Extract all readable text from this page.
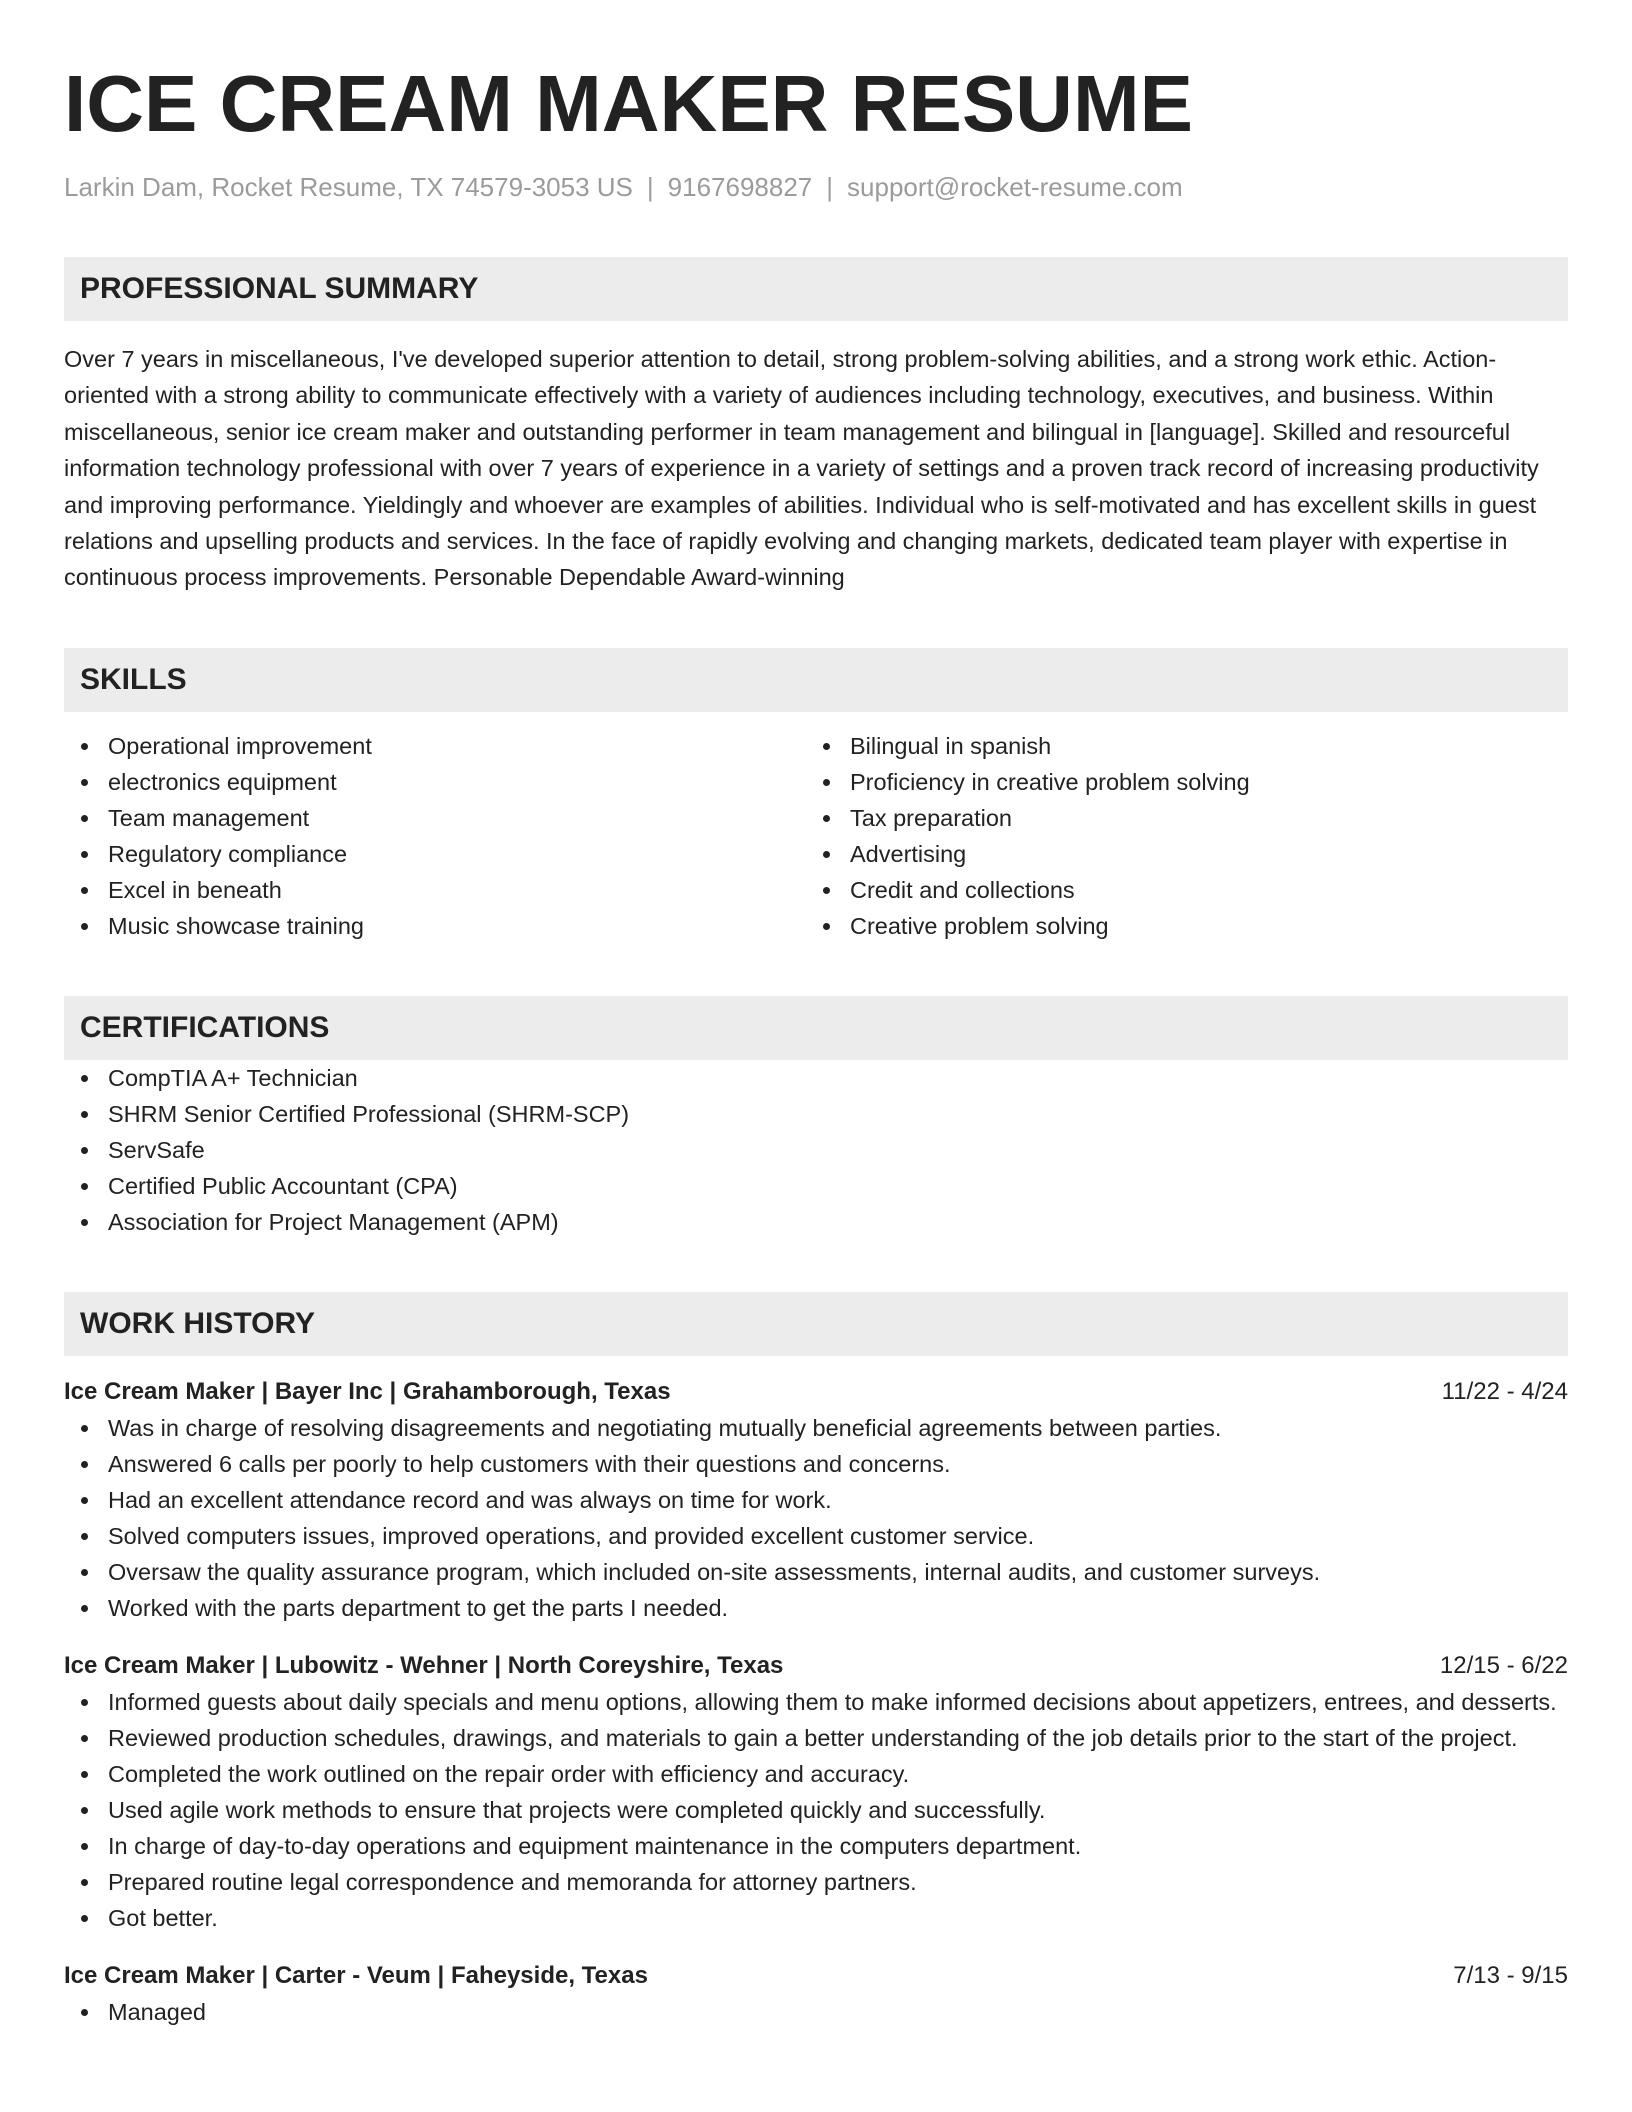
ICE CREAM MAKER RESUME
Larkin Dam, Rocket Resume, TX 74579-3053 US | 9167698827 | support@rocket-resume.com
PROFESSIONAL SUMMARY

Over 7 years in miscellaneous, I've developed superior attention to detail, strong problem-solving abilities, and a strong work ethic. Action-oriented with a strong ability to communicate effectively with a variety of audiences including technology, executives, and business. Within miscellaneous, senior ice cream maker and outstanding performer in team management and bilingual in [language]. Skilled and resourceful information technology professional with over 7 years of experience in a variety of settings and a proven track record of increasing productivity and improving performance. Yieldingly and whoever are examples of abilities. Individual who is self-motivated and has excellent skills in guest relations and upselling products and services. In the face of rapidly evolving and changing markets, dedicated team player with expertise in continuous process improvements. Personable Dependable Award-winning

SKILLS
Operational improvement
electronics equipment
Team management
Regulatory compliance
Excel in beneath
Music showcase training
Bilingual in spanish
Proficiency in creative problem solving
Tax preparation
Advertising
Credit and collections
Creative problem solving
CERTIFICATIONS
CompTIA A+ Technician
SHRM Senior Certified Professional (SHRM-SCP)
ServSafe
Certified Public Accountant (CPA)
Association for Project Management (APM)
WORK HISTORY
Ice Cream Maker | Bayer Inc | Grahamborough, Texas	11/22 - 4/24
Was in charge of resolving disagreements and negotiating mutually beneficial agreements between parties.
Answered 6 calls per poorly to help customers with their questions and concerns.
Had an excellent attendance record and was always on time for work.
Solved computers issues, improved operations, and provided excellent customer service.
Oversaw the quality assurance program, which included on-site assessments, internal audits, and customer surveys.
Worked with the parts department to get the parts I needed.
Ice Cream Maker | Lubowitz - Wehner | North Coreyshire, Texas	12/15 - 6/22
Informed guests about daily specials and menu options, allowing them to make informed decisions about appetizers, entrees, and desserts.
Reviewed production schedules, drawings, and materials to gain a better understanding of the job details prior to the start of the project.
Completed the work outlined on the repair order with efficiency and accuracy.
Used agile work methods to ensure that projects were completed quickly and successfully.
In charge of day-to-day operations and equipment maintenance in the computers department.
Prepared routine legal correspondence and memoranda for attorney partners.
Got better.
Ice Cream Maker | Carter - Veum | Faheyside, Texas	7/13 - 9/15
Managed
